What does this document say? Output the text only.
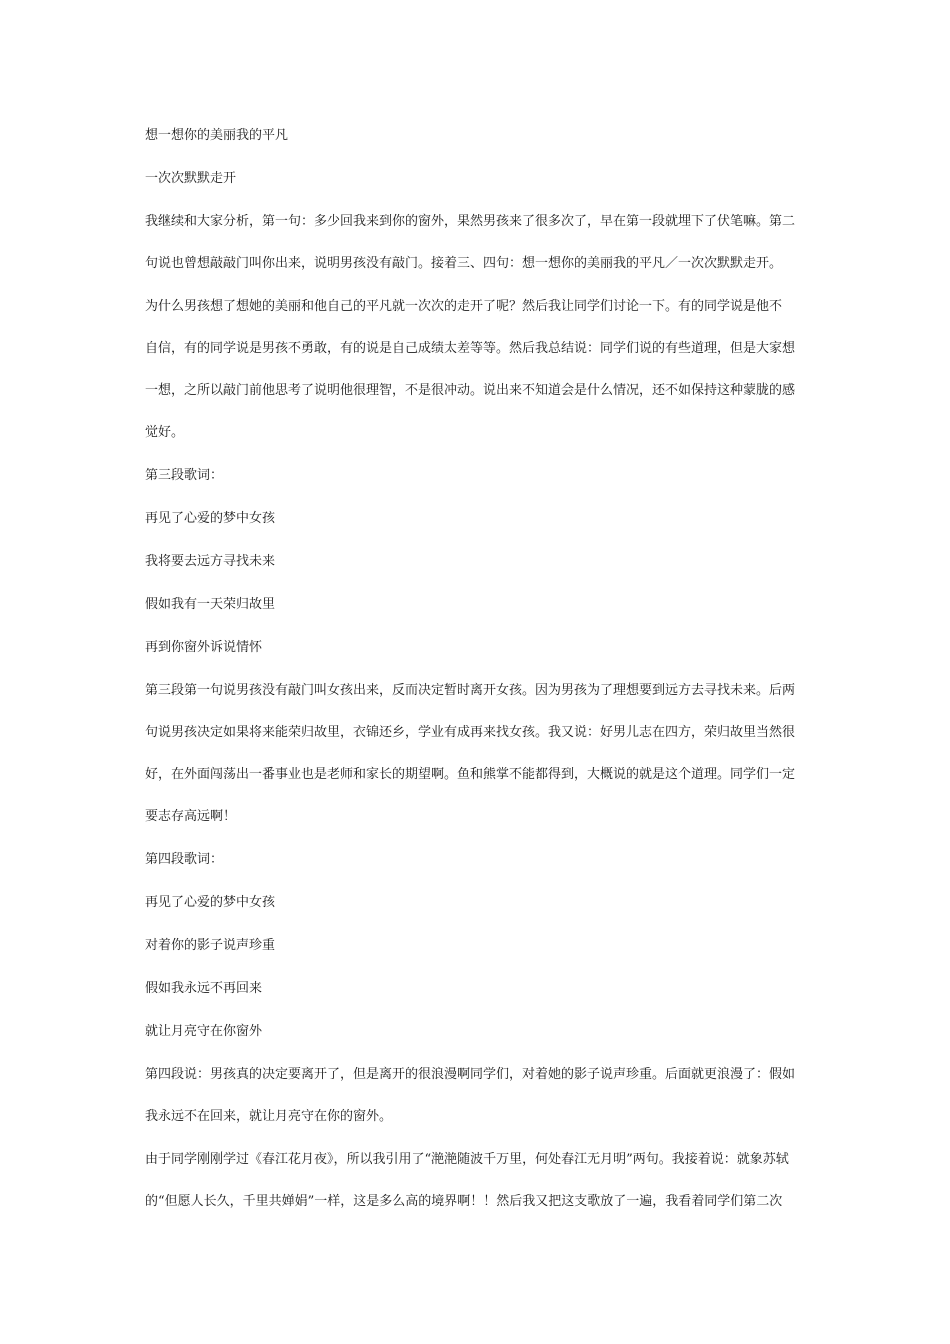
想一想你的美丽我的平凡
一次次默默走开
我继续和大家分析，第一句：多少回我来到你的窗外，果然男孩来了很多次了，早在第一段就埋下了伏笔嘛。第二
句说也曾想敲敲门叫你出来，说明男孩没有敲门。接着三、四句：想一想你的美丽我的平凡／一次次默默走开。
为什么男孩想了想她的美丽和他自己的平凡就一次次的走开了呢？然后我让同学们讨论一下。有的同学说是他不
自信，有的同学说是男孩不勇敢，有的说是自己成绩太差等等。然后我总结说：同学们说的有些道理，但是大家想
一想，之所以敲门前他思考了说明他很理智，不是很冲动。说出来不知道会是什么情况，还不如保持这种蒙胧的感
觉好。
第三段歌词：
再见了心爱的梦中女孩
我将要去远方寻找未来
假如我有一天荣归故里
再到你窗外诉说情怀
第三段第一句说男孩没有敲门叫女孩出来，反而决定暂时离开女孩。因为男孩为了理想要到远方去寻找未来。后两
句说男孩决定如果将来能荣归故里，衣锦还乡，学业有成再来找女孩。我又说：好男儿志在四方，荣归故里当然很
好，在外面闯荡出一番事业也是老师和家长的期望啊。鱼和熊掌不能都得到，大概说的就是这个道理。同学们一定
要志存高远啊！
第四段歌词：
再见了心爱的梦中女孩
对着你的影子说声珍重
假如我永远不再回来
就让月亮守在你窗外
第四段说：男孩真的决定要离开了，但是离开的很浪漫啊同学们，对着她的影子说声珍重。后面就更浪漫了：假如
我永远不在回来，就让月亮守在你的窗外。
由于同学刚刚学过《春江花月夜》，所以我引用了“滟滟随波千万里，何处春江无月明”两句。我接着说：就象苏轼
的“但愿人长久，千里共婵娟”一样，这是多么高的境界啊！！然后我又把这支歌放了一遍，我看着同学们第二次
